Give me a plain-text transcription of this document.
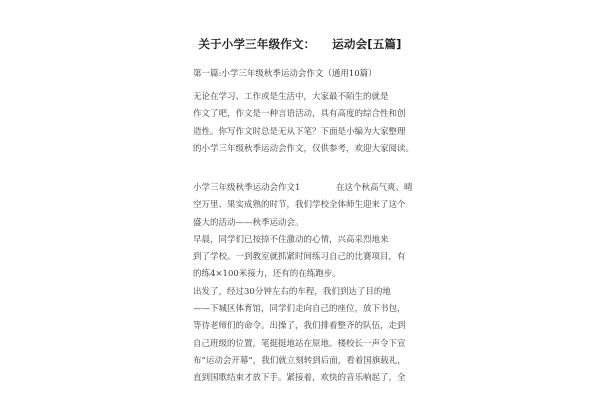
关于小学三年级作文：    运动会[五篇]
第一篇:小学三年级秋季运动会作文（通用10篇）
无论在学习、工作或是生活中，大家最不陌生的就是
作文了吧，作文是一种言语活动，具有高度的综合性和创
造性。你写作文时总是无从下笔？下面是小编为大家整理
的小学三年级秋季运动会作文，仅供参考，欢迎大家阅读。
小学三年级秋季运动会作文1
空万里、果实成熟的时节，我们学校全体师生迎来了这个
盛大的活动——秋季运动会。
早晨，同学们已按捺不住激动的心情，兴高采烈地来
到了学校。一到教室就抓紧时间练习自己的比赛项目，有
的练4×100米接力，还有的在练跑步。
出发了，经过30分钟左右的车程，我们到达了目的地
——下城区体育馆，同学们走向自己的座位，放下书包，
等待老师们的命令。出操了，我们排着整齐的队伍，走到
自己班级的位置，笔挺挺地站在原地。楼校长一声令下宣
布“运动会开幕”，我们就立刻转到后面，看着国旗载礼，
直到国歌结束才放下手。紧接着，欢快的音乐响起了，全
在这个秋高气爽、晴
